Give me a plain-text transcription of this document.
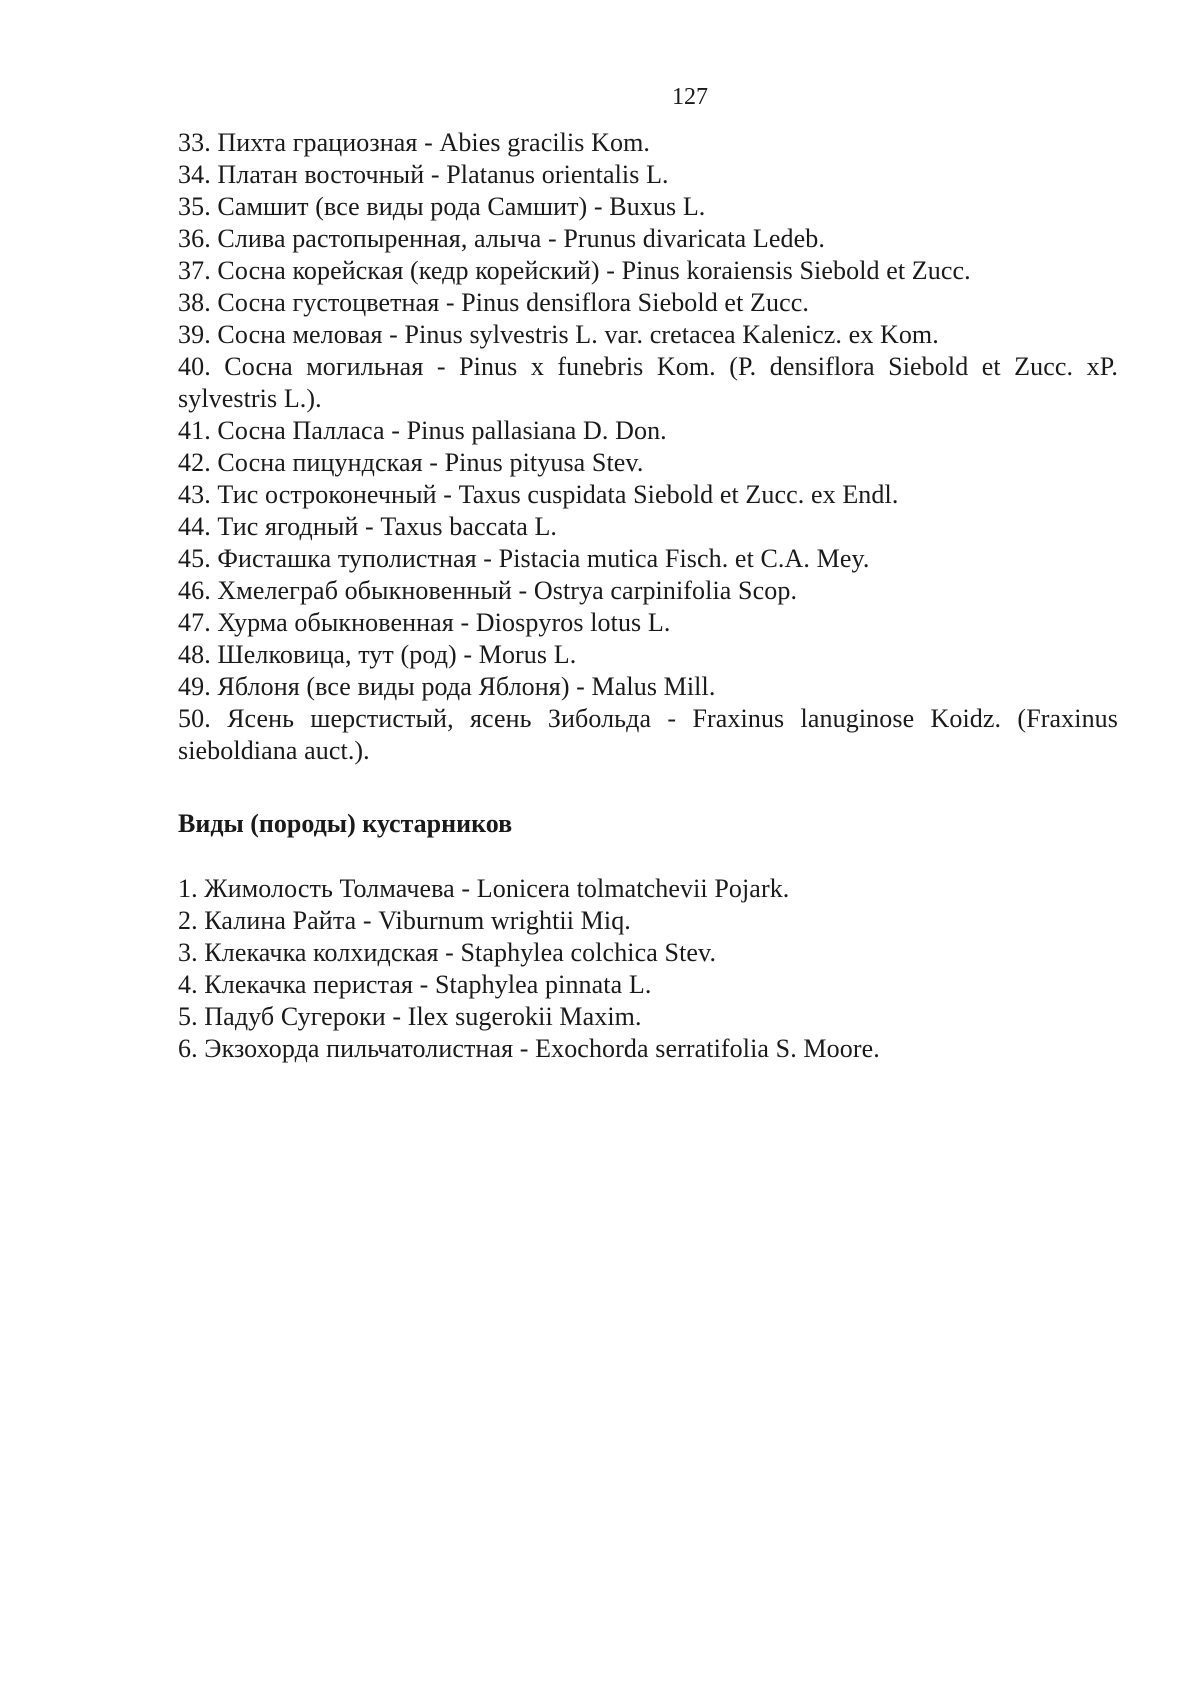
127
33. Пихта грациозная - Abies gracilis Kom.
34. Платан восточный - Platanus orientalis L.
35. Самшит (все виды рода Самшит) - Buxus L.
36. Слива растопыренная, алыча - Prunus divaricata Ledeb.
37. Сосна корейская (кедр корейский) - Pinus koraiensis Siebold et Zucc.
38. Сосна густоцветная - Pinus densiflora Siebold et Zucc.
39. Сосна меловая - Pinus sylvestris L. var. cretacea Kalenicz. ex Kom.
40. Сосна могильная - Pinus x funebris Kom. (P. densiflora Siebold et Zucc. xP. sylvestris L.).
41. Сосна Палласа - Pinus pallasiana D. Don.
42. Сосна пицундская - Pinus pityusa Stev.
43. Тис остроконечный - Taxus cuspidata Siebold et Zucc. ex Endl.
44. Тис ягодный - Taxus baccata L.
45. Фисташка туполистная - Pistacia mutica Fisch. et C.A. Mey.
46. Хмелеграб обыкновенный - Ostrya carpinifolia Scop.
47. Хурма обыкновенная - Diospyros lotus L.
48. Шелковица, тут (род) - Morus L.
49. Яблоня (все виды рода Яблоня) - Malus Mill.
50. Ясень шерстистый, ясень Зибольда - Fraxinus lanuginose Koidz. (Fraxinus sieboldiana auct.).
Виды (породы) кустарников
1. Жимолость Толмачева - Lonicera tolmatchevii Pojark.
2. Калина Райта - Viburnum wrightii Miq.
3. Клекачка колхидская - Staphylea colchica Stev.
4. Клекачка перистая - Staphylea pinnata L.
5. Падуб Сугероки - Ilex sugerokii Maxim.
6. Экзохорда пильчатолистная - Exochorda serratifolia S. Moore.
